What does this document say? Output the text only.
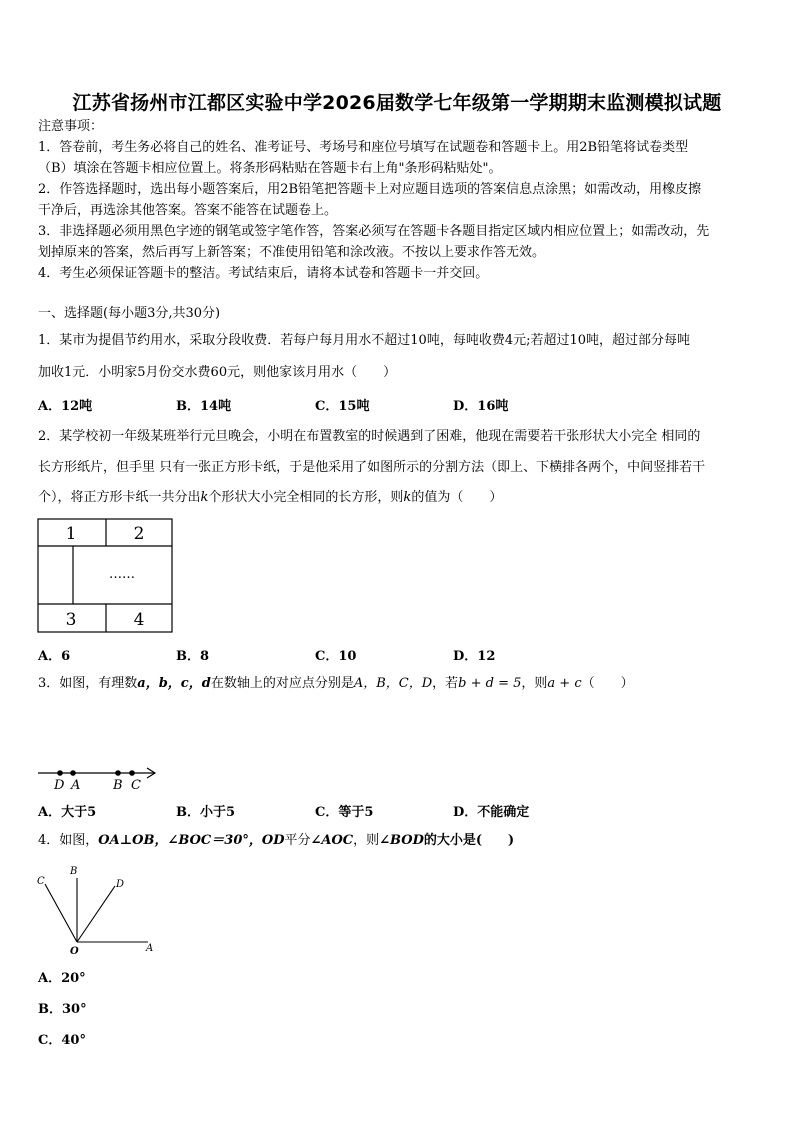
江苏省扬州市江都区实验中学2026届数学七年级第一学期期末监测模拟试题
注意事项：
1．答卷前，考生务必将自己的姓名、准考证号、考场号和座位号填写在试题卷和答题卡上。用2B铅笔将试卷类型
（B）填涂在答题卡相应位置上。将条形码粘贴在答题卡右上角"条形码粘贴处"。
2．作答选择题时，选出每小题答案后，用2B铅笔把答题卡上对应题目选项的答案信息点涂黑；如需改动，用橡皮擦
干净后，再选涂其他答案。答案不能答在试题卷上。
3．非选择题必须用黑色字迹的钢笔或签字笔作答，答案必须写在答题卡各题目指定区域内相应位置上；如需改动，先
划掉原来的答案，然后再写上新答案；不准使用铅笔和涂改液。不按以上要求作答无效。
4．考生必须保证答题卡的整洁。考试结束后，请将本试卷和答题卡一并交回。
一、选择题(每小题3分,共30分)
1．某市为提倡节约用水，采取分段收费．若每户每月用水不超过10吨，每吨收费4元;若超过10吨，超过部分每吨
加收1元．小明家5月份交水费60元，则他家该月用水（　　）
A．12吨	B．14吨	C．15吨	D．16吨
2．某学校初一年级某班举行元旦晚会，小明在布置教室的时候遇到了困难，他现在需要若干张形状大小完全 相同的
长方形纸片，但手里 只有一张正方形卡纸，于是他采用了如图所示的分割方法（即上、下横排各两个，中间竖排若干
个），将正方形卡纸一共分出k个形状大小完全相同的长方形，则k的值为（　　）
1	2
……
3	4
A．6	B．8	C．10	D．12
3．如图，有理数a，b，c，d在数轴上的对应点分别是A，B，C，D，若b + d = 5，则a + c（　　）
D A	B C
A．大于5	B．小于5	C．等于5	D．不能确定
4．如图，OA⊥OB，∠BOC＝30°，OD平分∠AOC，则∠BOD的大小是(　　)
O	A
B
C	D
A．20°
B．30°
C．40°
